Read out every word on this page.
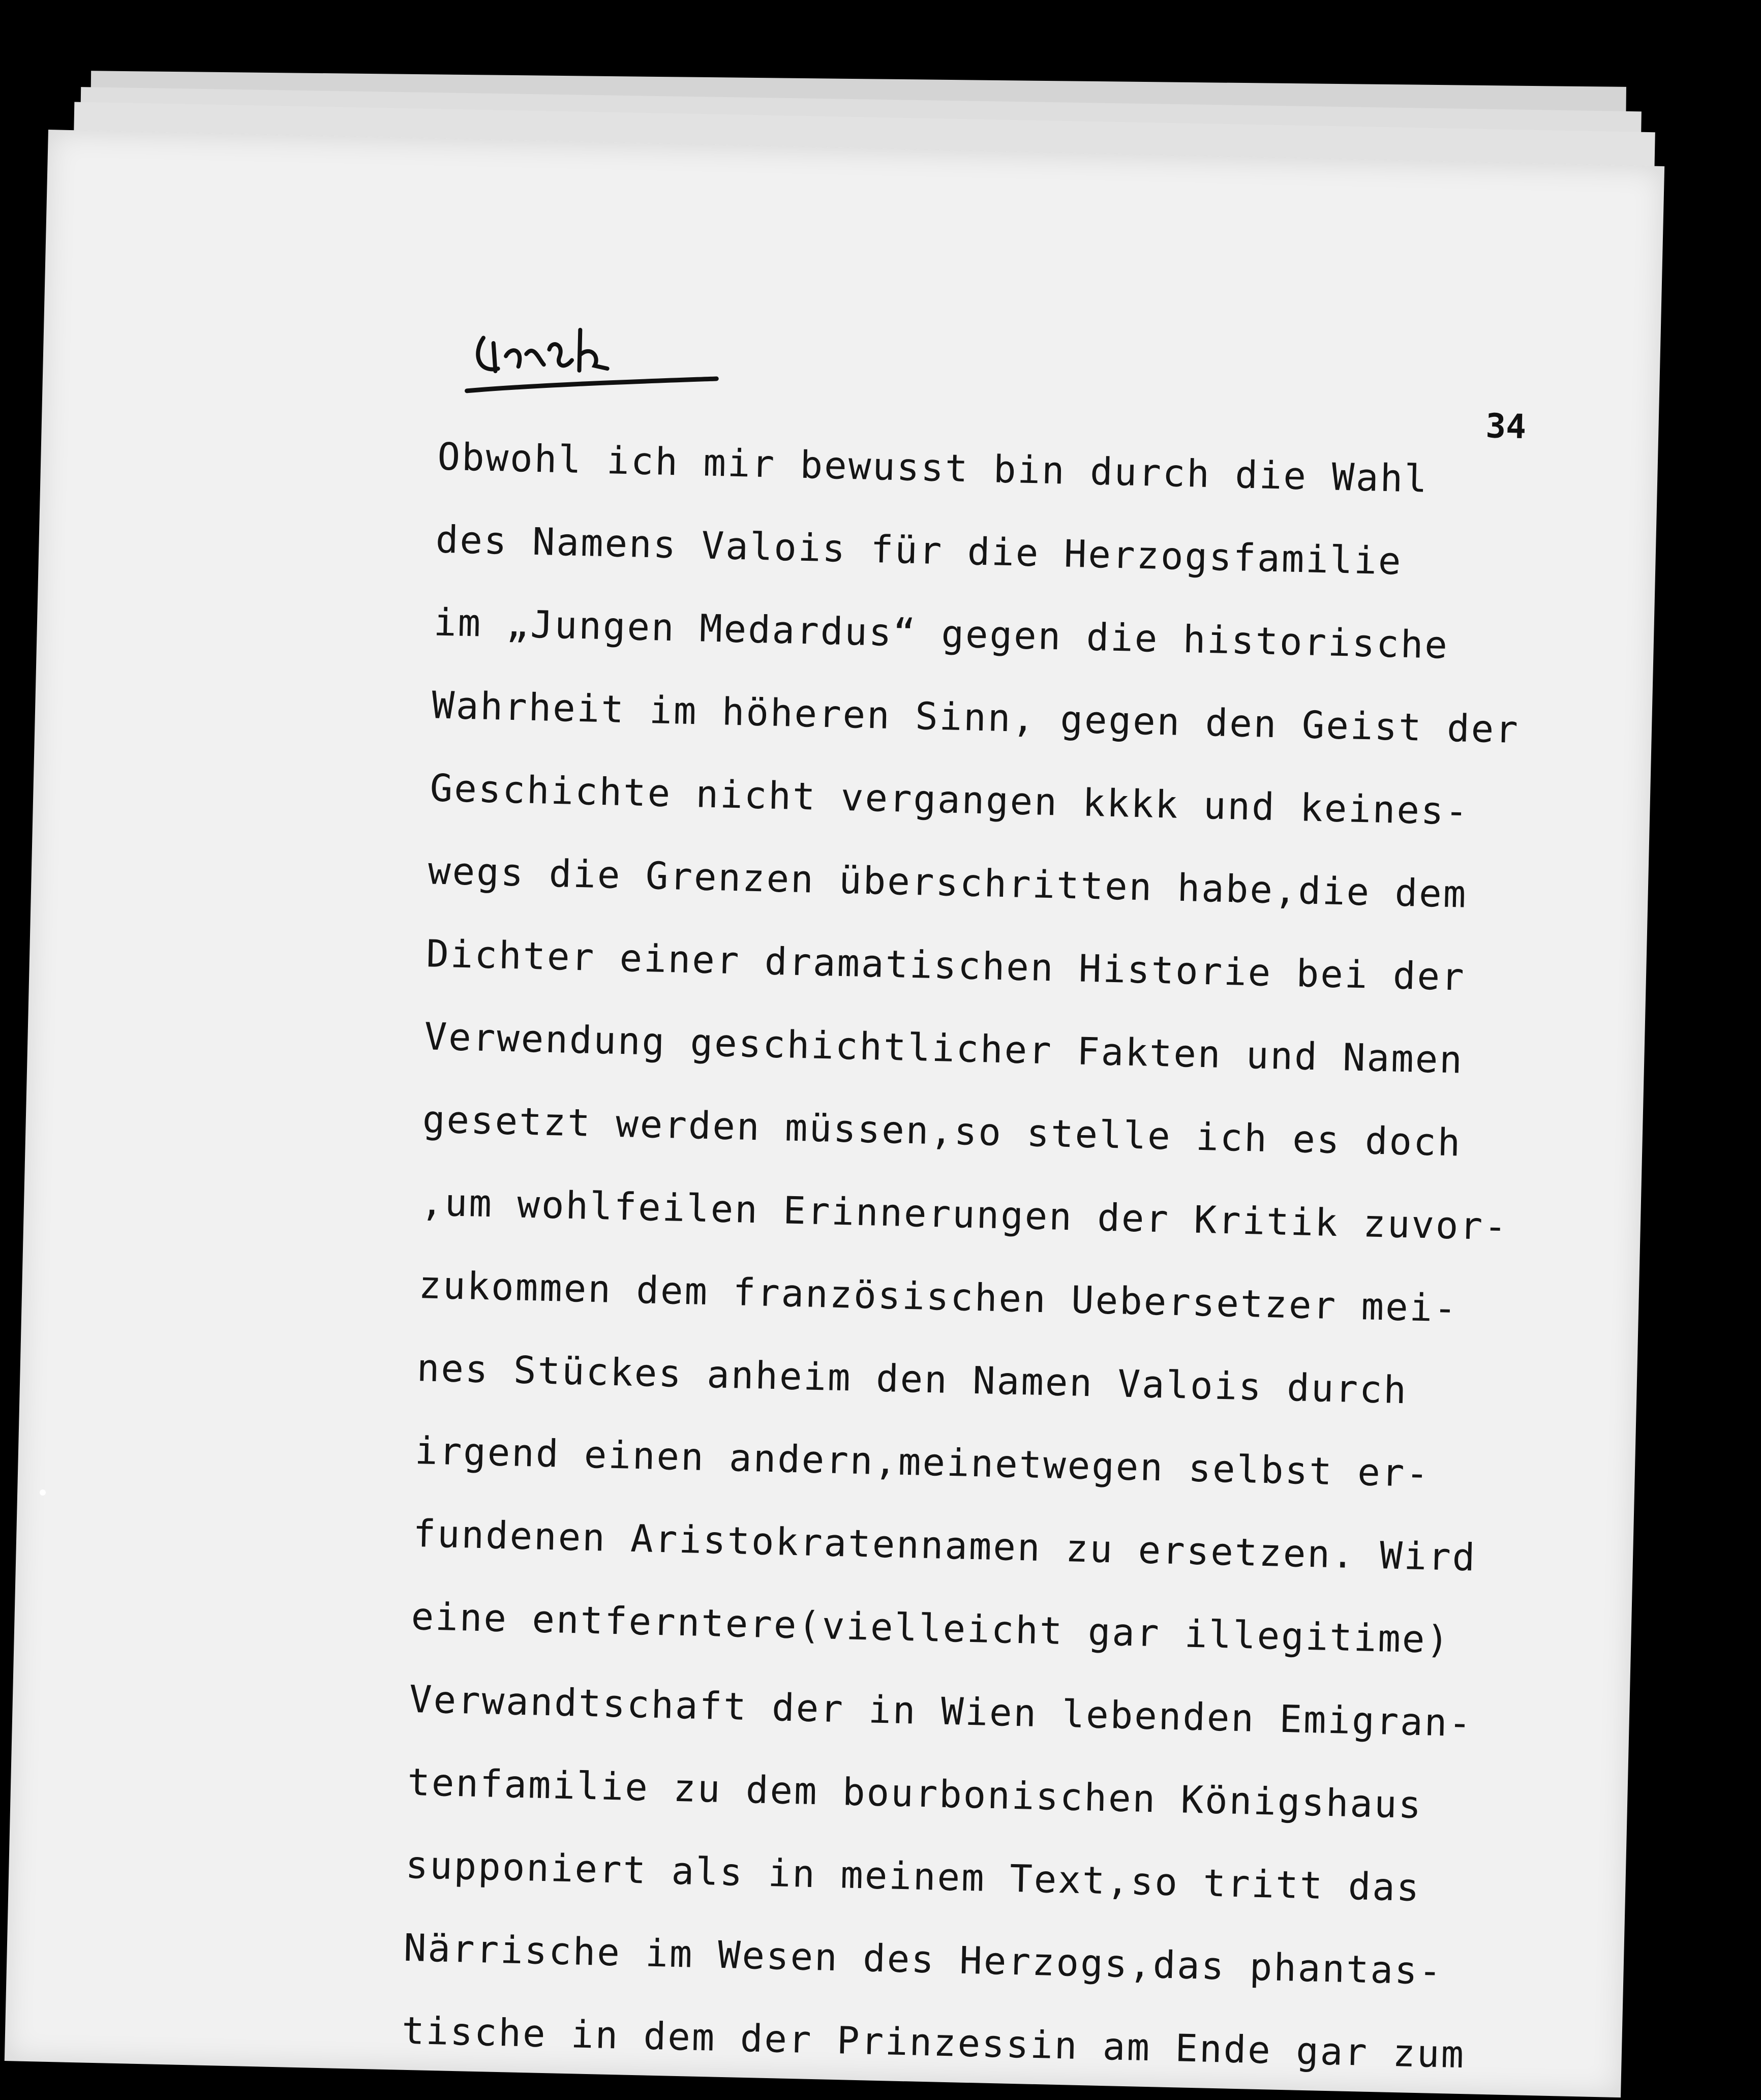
34
Obwohl ich mir bewusst bin durch die Wahl
des Namens Valois für die Herzogsfamilie
im „Jungen Medardus“ gegen die historische
Wahrheit im höheren Sinn, gegen den Geist der
Geschichte nicht vergangen kkkk und keines-
wegs die Grenzen überschritten habe,die dem
Dichter einer dramatischen Historie bei der
Verwendung geschichtlicher Fakten und Namen
gesetzt werden müssen,so stelle ich es doch
,um wohlfeilen Erinnerungen der Kritik zuvor-
zukommen dem französischen Uebersetzer mei-
nes Stückes anheim den Namen Valois durch
irgend einen andern,meinetwegen selbst er-
fundenen Aristokratennamen zu ersetzen. Wird
eine entferntere(vielleicht gar illegitime)
Verwandtschaft der in Wien lebenden Emigran-
tenfamilie zu dem bourbonischen Königshaus
supponiert als in meinem Text,so tritt das
Närrische im Wesen des Herzogs,das phantas-
tische in dem der Prinzessin am Ende gar zum
